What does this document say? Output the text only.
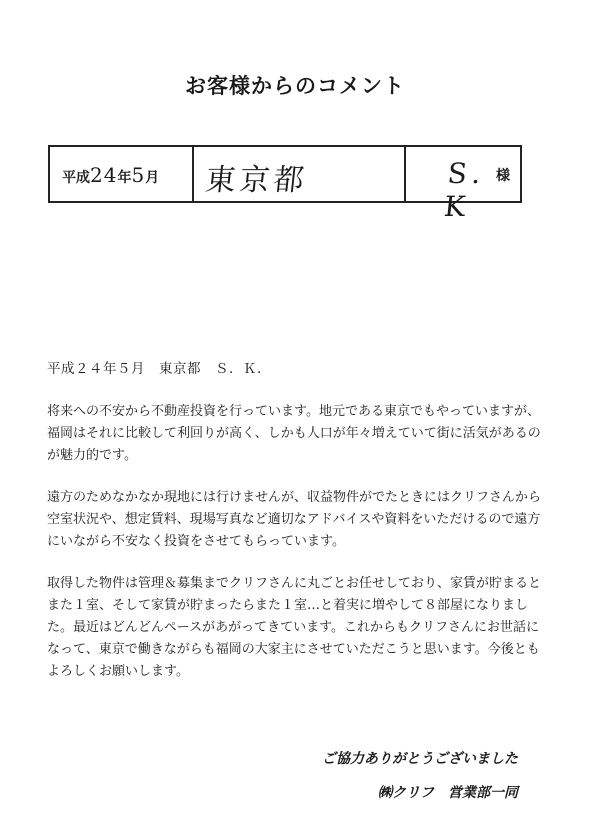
お客様からのコメント
平成24年5月 東京都	S. K
様
平成２４年５月　東京都　Ｓ．Ｋ．
将来への不安から不動産投資を行っています。地元である東京でもやっていますが、福岡はそれに比較して利回りが高く、しかも人口が年々増えていて街に活気があるのが魅力的です。
遠方のためなかなか現地には行けませんが、収益物件がでたときにはクリフさんから空室状況や、想定賃料、現場写真など適切なアドバイスや資料をいただけるので遠方にいながら不安なく投資をさせてもらっています。
取得した物件は管理＆募集までクリフさんに丸ごとお任せしており、家賃が貯まるとまた１室、そして家賃が貯まったらまた１室…と着実に増やして８部屋になりました。最近はどんどんペースがあがってきています。これからもクリフさんにお世話になって、東京で働きながらも福岡の大家主にさせていただこうと思います。今後ともよろしくお願いします。
ご協力ありがとうございました
㈱クリフ　営業部一同
